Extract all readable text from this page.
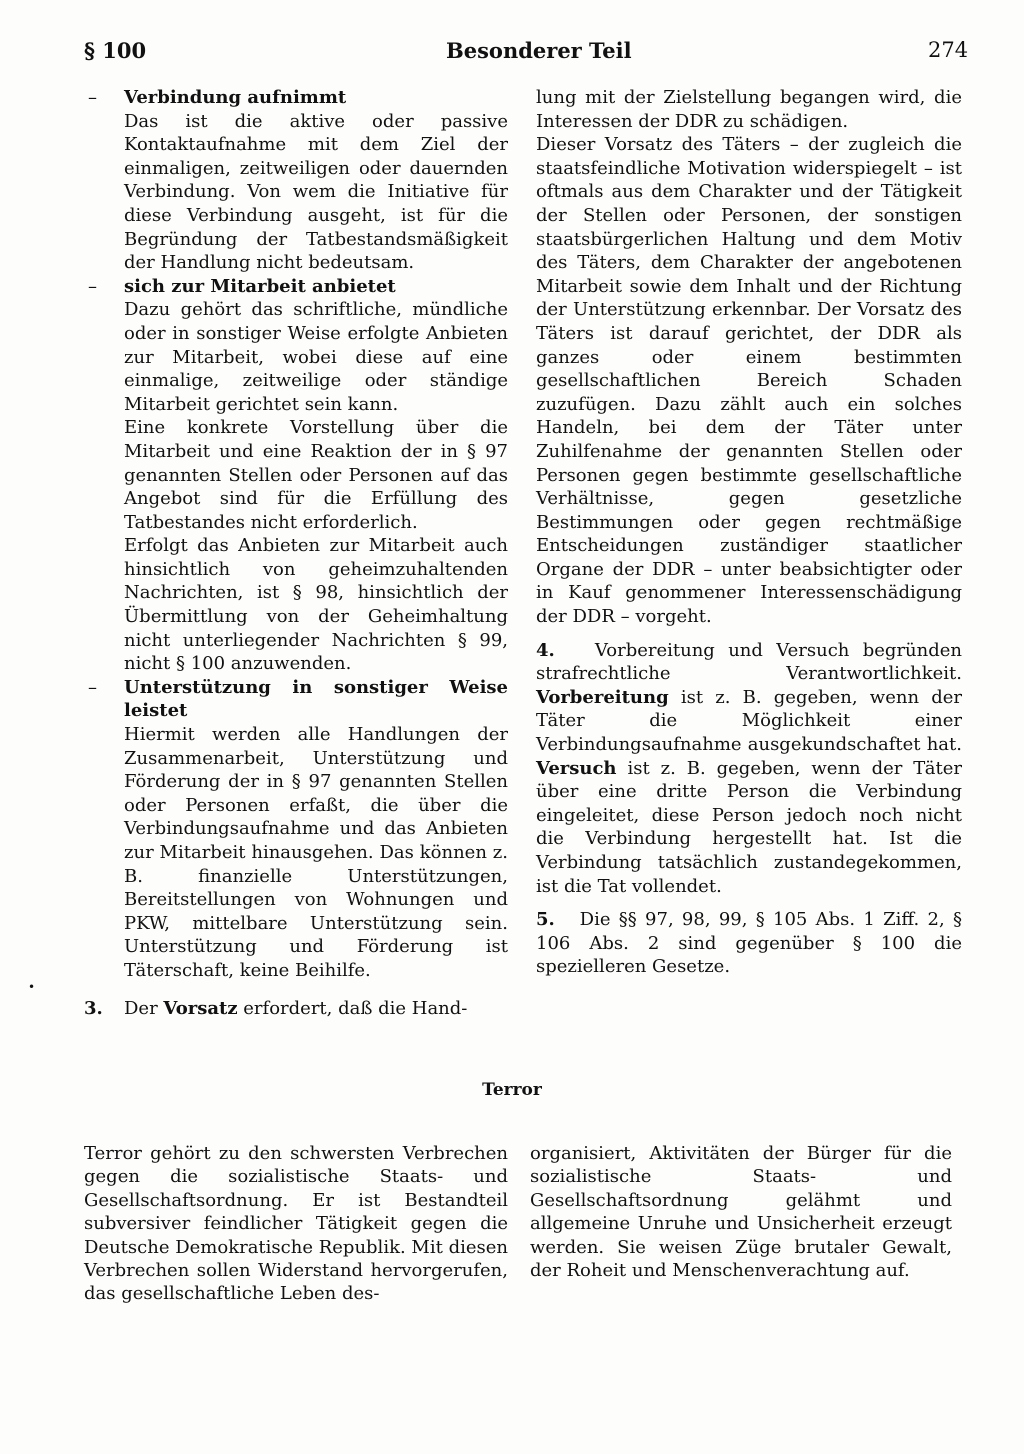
§ 100	Besonderer Teil	274
– Verbindung aufnimmt

Das ist die aktive oder passive Kontaktaufnahme mit dem Ziel der einmaligen, zeitweiligen oder dauernden Verbindung. Von wem die Initiative für diese Verbindung ausgeht, ist für die Begründung der Tatbestandsmäßigkeit der Handlung nicht bedeutsam.

– sich zur Mitarbeit anbietet

Dazu gehört das schriftliche, mündliche oder in sonstiger Weise erfolgte Anbieten zur Mitarbeit, wobei diese auf eine einmalige, zeitweilige oder ständige Mitarbeit gerichtet sein kann.

Eine konkrete Vorstellung über die Mitarbeit und eine Reaktion der in § 97 genannten Stellen oder Personen auf das Angebot sind für die Erfüllung des Tatbestandes nicht erforderlich.

Erfolgt das Anbieten zur Mitarbeit auch hinsichtlich von geheimzuhaltenden Nachrichten, ist § 98, hinsichtlich der Übermittlung von der Geheimhaltung nicht unterliegender Nachrichten § 99, nicht § 100 anzuwenden.

– Unterstützung in sonstiger Weise leistet

Hiermit werden alle Handlungen der Zusammenarbeit, Unterstützung und Förderung der in § 97 genannten Stellen oder Personen erfaßt, die über die Verbindungsaufnahme und das Anbieten zur Mitarbeit hinausgehen. Das können z. B. finanzielle Unterstützungen, Bereitstellungen von Wohnungen und PKW, mittelbare Unterstützung sein. Unterstützung und Förderung ist Täterschaft, keine Beihilfe.

3. Der Vorsatz erfordert, daß die Hand-
•

lung mit der Zielstellung begangen wird, die Interessen der DDR zu schädigen.

Dieser Vorsatz des Täters – der zugleich die staatsfeindliche Motivation widerspiegelt – ist oftmals aus dem Charakter und der Tätigkeit der Stellen oder Personen, der sonstigen staatsbürgerlichen Haltung und dem Motiv des Täters, dem Charakter der angebotenen Mitarbeit sowie dem Inhalt und der Richtung der Unterstützung erkennbar. Der Vorsatz des Täters ist darauf gerichtet, der DDR als ganzes oder einem bestimmten gesellschaftlichen Bereich Schaden zuzufügen. Dazu zählt auch ein solches Handeln, bei dem der Täter unter Zuhilfenahme der genannten Stellen oder Personen gegen bestimmte gesellschaftliche Verhältnisse, gegen gesetzliche Bestimmungen oder gegen rechtmäßige Entscheidungen zuständiger staatlicher Organe der DDR – unter beabsichtigter oder in Kauf genommener Interessenschädigung der DDR – vorgeht.

4. Vorbereitung und Versuch begründen strafrechtliche Verantwortlichkeit. Vorbereitung ist z. B. gegeben, wenn der Täter die Möglichkeit einer Verbindungsaufnahme ausgekundschaftet hat. Versuch ist z. B. gegeben, wenn der Täter über eine dritte Person die Verbindung eingeleitet, diese Person jedoch noch nicht die Verbindung hergestellt hat. Ist die Verbindung tatsächlich zustandegekommen, ist die Tat vollendet.

5. Die §§ 97, 98, 99, § 105 Abs. 1 Ziff. 2, § 106 Abs. 2 sind gegenüber § 100 die spezielleren Gesetze.

Terror
Terror gehört zu den schwersten Verbrechen gegen die sozialistische Staats- und Gesellschaftsordnung. Er ist Bestandteil subversiver feindlicher Tätigkeit gegen die Deutsche Demokratische Republik. Mit diesen Verbrechen sollen Widerstand hervorgerufen, das gesellschaftliche Leben des-
organisiert, Aktivitäten der Bürger für die sozialistische Staats- und Gesellschaftsordnung gelähmt und allgemeine Unruhe und Unsicherheit erzeugt werden. Sie weisen Züge brutaler Gewalt, der Roheit und Menschenverachtung auf.
